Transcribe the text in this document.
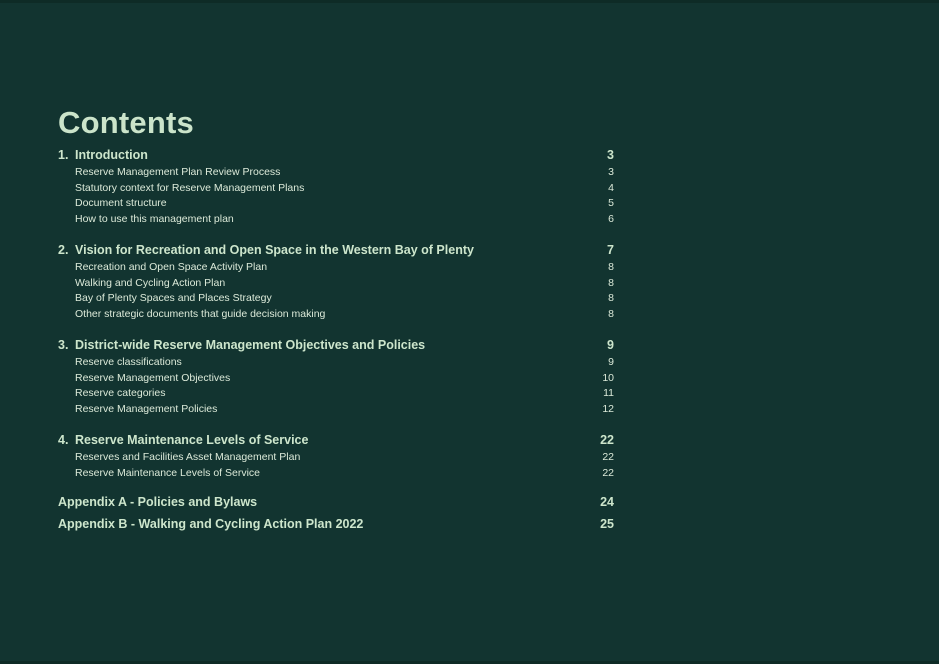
Contents
1. Introduction	3
Reserve Management Plan Review Process	3
Statutory context for Reserve Management Plans	4
Document structure	5
How to use this management plan	6
2. Vision for Recreation and Open Space in the Western Bay of Plenty	7
Recreation and Open Space Activity Plan	8
Walking and Cycling Action Plan	8
Bay of Plenty Spaces and Places Strategy	8
Other strategic documents that guide decision making	8
3. District-wide Reserve Management Objectives and Policies	9
Reserve classifications	9
Reserve Management Objectives	10
Reserve categories	11
Reserve Management Policies	12
4. Reserve Maintenance Levels of Service	22
Reserves and Facilities Asset Management Plan	22
Reserve Maintenance Levels of Service	22
Appendix A - Policies and Bylaws	24
Appendix B - Walking and Cycling Action Plan 2022	25
